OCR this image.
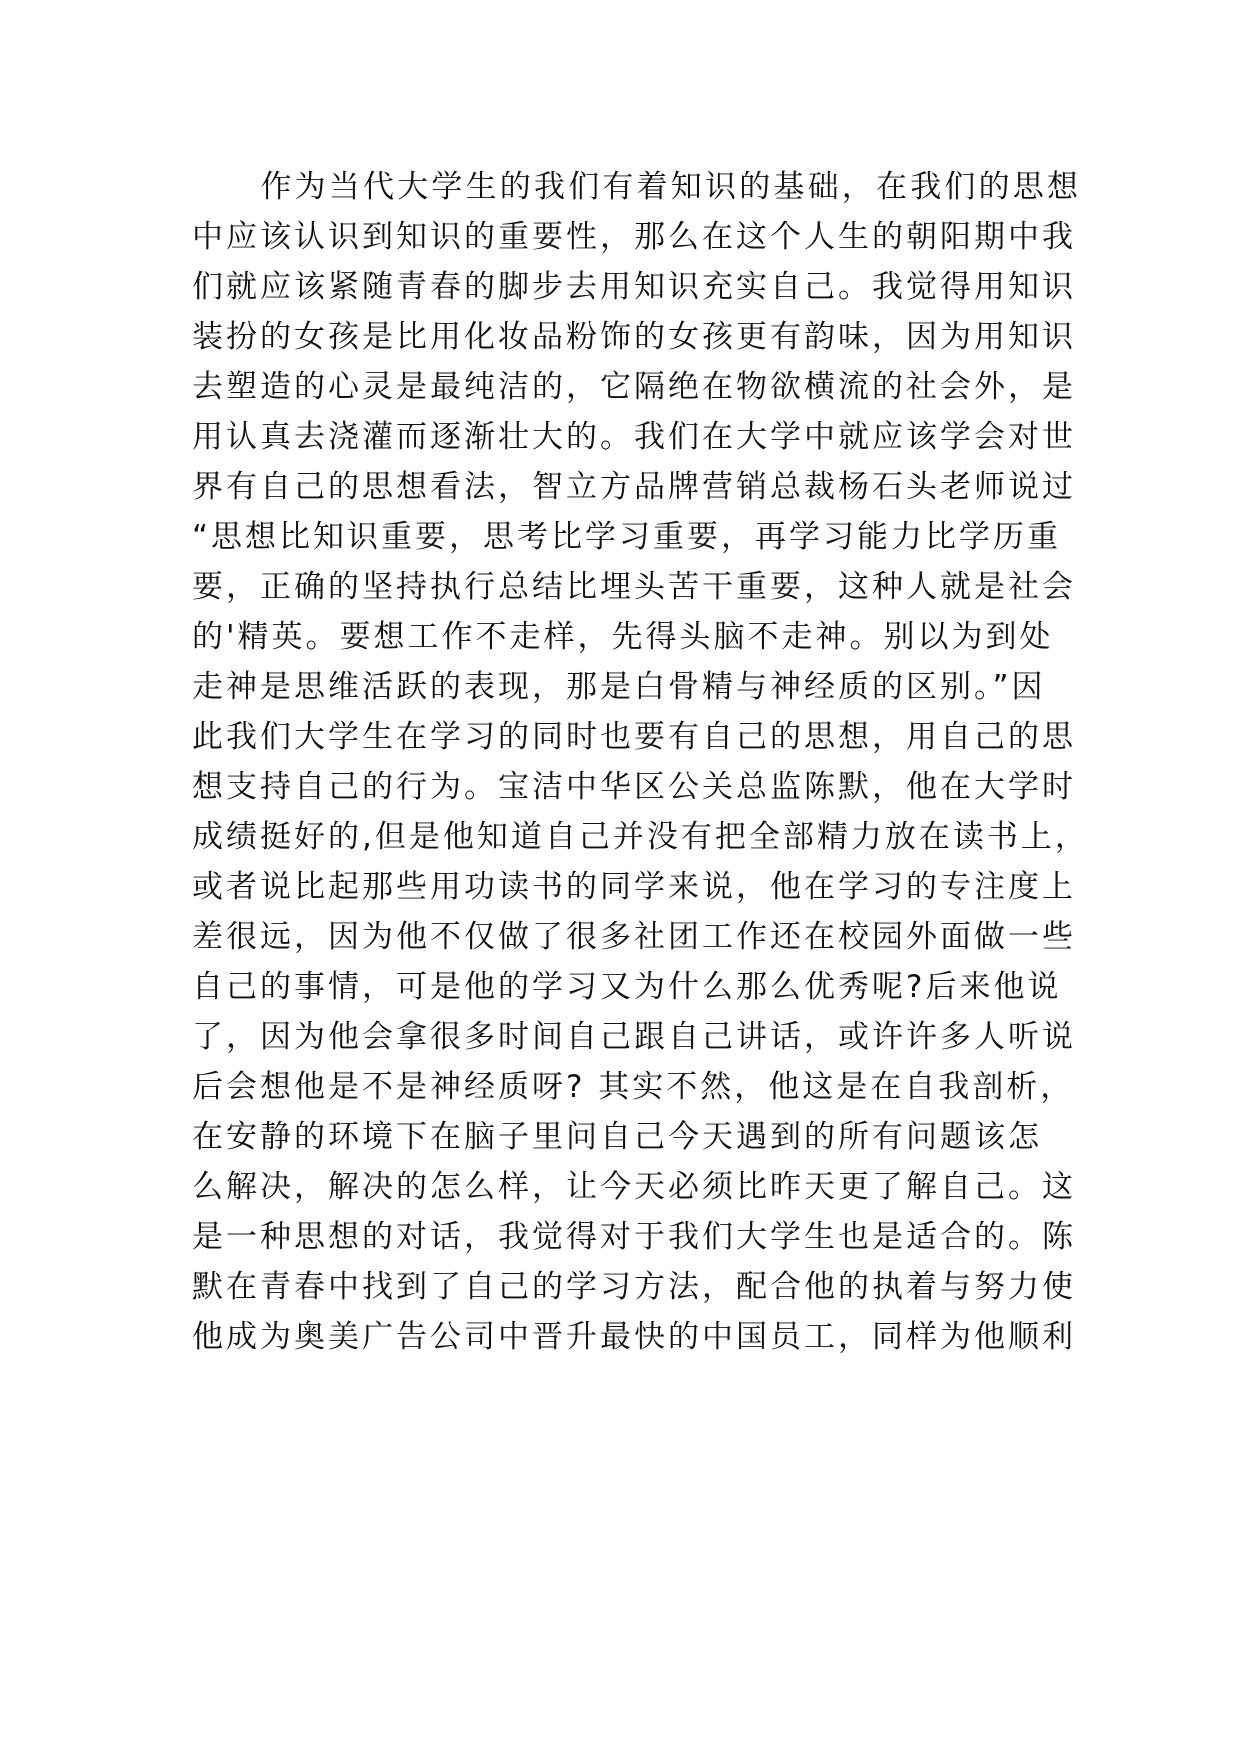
　　作为当代大学生的我们有着知识的基础，在我们的思想
中应该认识到知识的重要性，那么在这个人生的朝阳期中我
们就应该紧随青春的脚步去用知识充实自己。我觉得用知识
装扮的女孩是比用化妆品粉饰的女孩更有韵味，因为用知识
去塑造的心灵是最纯洁的，它隔绝在物欲横流的社会外，是
用认真去浇灌而逐渐壮大的。我们在大学中就应该学会对世
界有自己的思想看法，智立方品牌营销总裁杨石头老师说过
“思想比知识重要，思考比学习重要，再学习能力比学历重
要，正确的坚持执行总结比埋头苦干重要，这种人就是社会
的'精英。要想工作不走样，先得头脑不走神。别以为到处
走神是思维活跃的表现，那是白骨精与神经质的区别。”因
此我们大学生在学习的同时也要有自己的思想，用自己的思
想支持自己的行为。宝洁中华区公关总监陈默，他在大学时
成绩挺好的,但是他知道自己并没有把全部精力放在读书上，
或者说比起那些用功读书的同学来说，他在学习的专注度上
差很远，因为他不仅做了很多社团工作还在校园外面做一些
自己的事情，可是他的学习又为什么那么优秀呢?后来他说
了，因为他会拿很多时间自己跟自己讲话，或许许多人听说
后会想他是不是神经质呀? 其实不然，他这是在自我剖析，
在安静的环境下在脑子里问自己今天遇到的所有问题该怎
么解决，解决的怎么样，让今天必须比昨天更了解自己。这
是一种思想的对话，我觉得对于我们大学生也是适合的。陈
默在青春中找到了自己的学习方法，配合他的执着与努力使
他成为奥美广告公司中晋升最快的中国员工，同样为他顺利
